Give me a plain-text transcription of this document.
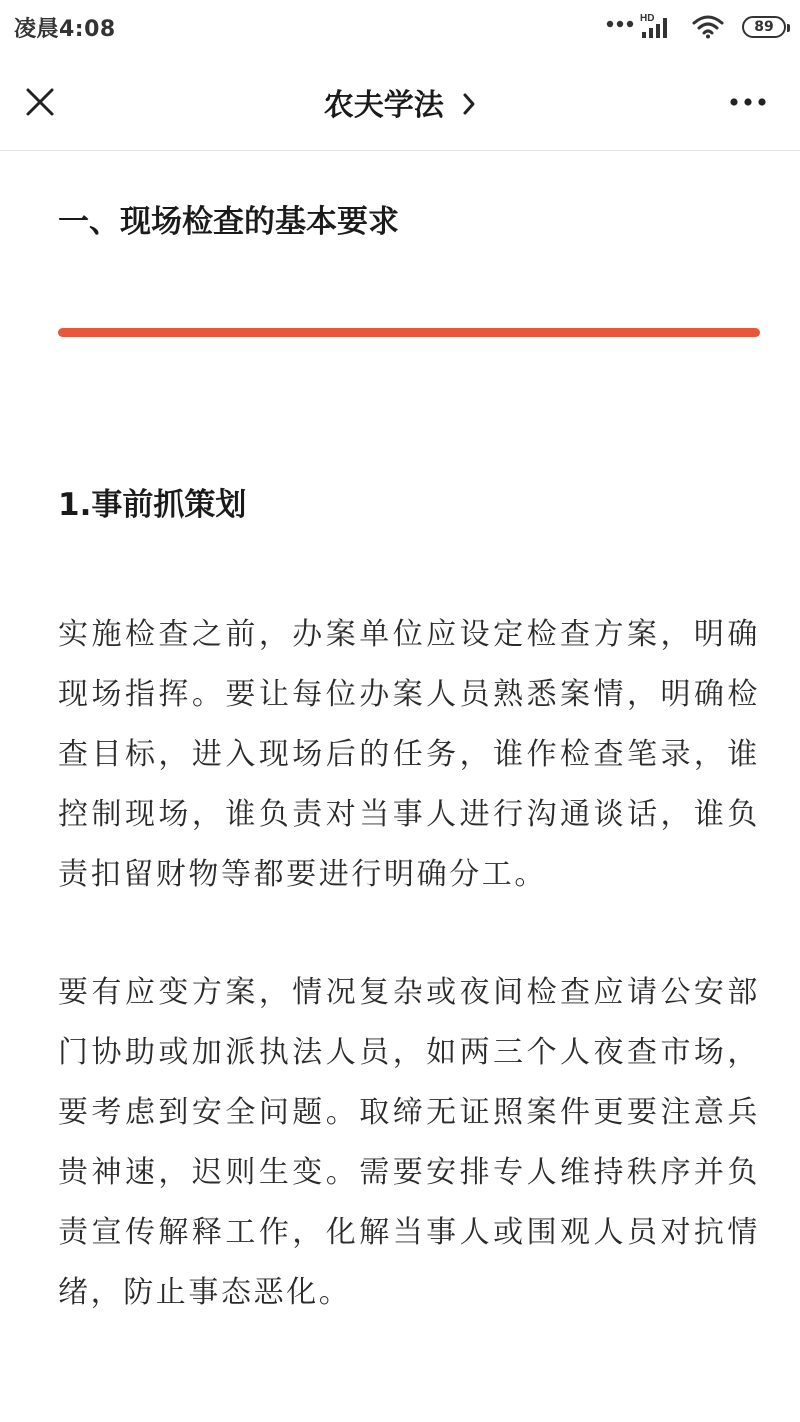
凌晨4:08	HD
89
农夫学法
一、现场检查的基本要求
1.事前抓策划

实施检查之前，办案单位应设定检查方案，明确现场指挥。要让每位办案人员熟悉案情，明确检查目标，进入现场后的任务，谁作检查笔录，谁控制现场，谁负责对当事人进行沟通谈话，谁负责扣留财物等都要进行明确分工。

要有应变方案，情况复杂或夜间检查应请公安部门协助或加派执法人员，如两三个人夜查市场，要考虑到安全问题。取缔无证照案件更要注意兵贵神速，迟则生变。需要安排专人维持秩序并负责宣传解释工作，化解当事人或围观人员对抗情绪，防止事态恶化。
